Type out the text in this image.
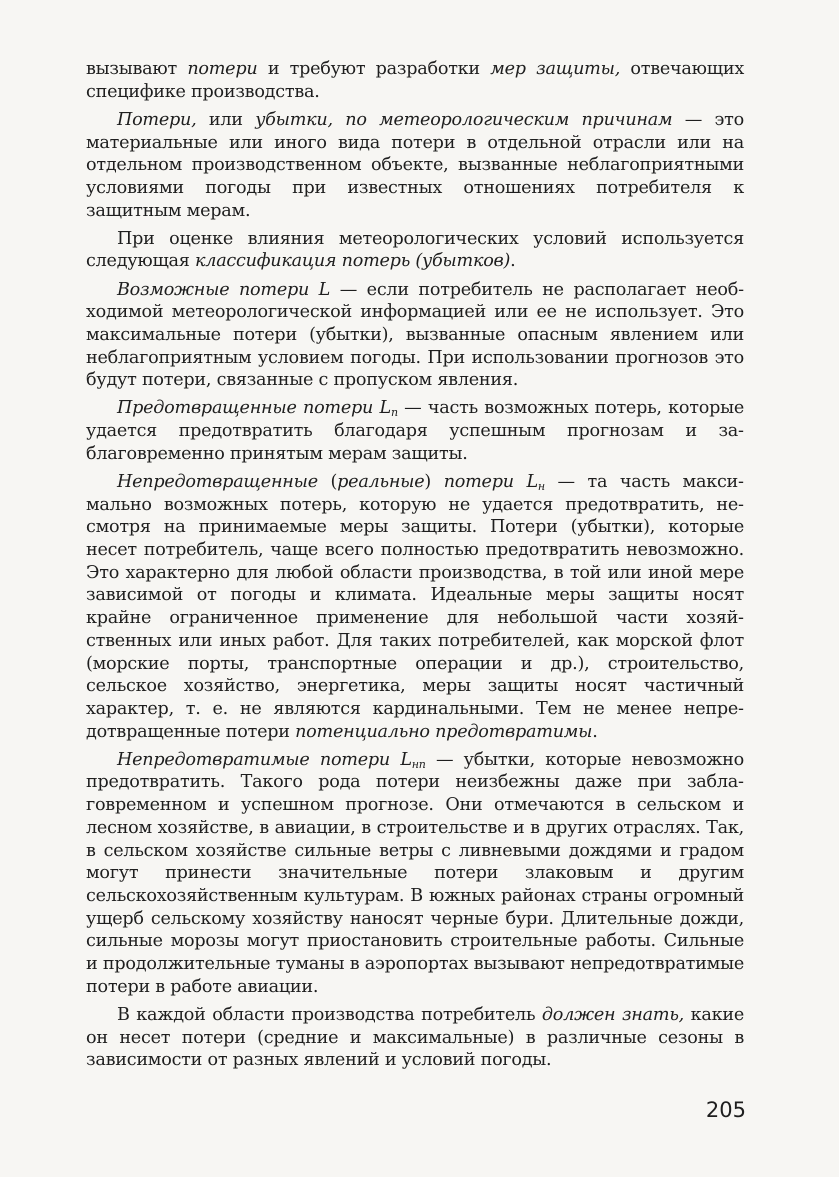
вызывают потери и требуют разработки мер защиты, отвечающих специфике производства.

Потери, или убытки, по метеорологическим причинам — это материальные или иного вида потери в отдельной отрасли или на отдельном производственном объекте, вызванные неблагоприятными условиями погоды при известных отношениях потребителя к защитным мерам.

При оценке влияния метеорологических условий используется следующая классификация потерь (убытков).

Возможные потери L — если потребитель не располагает необходимой метеорологической информацией или ее не использует. Это максимальные потери (убытки), вызванные опасным явлением или неблагоприятным условием погоды. При использовании прогнозов это будут потери, связанные с пропуском явления.

Предотвращенные потери $L_п$ — часть возможных потерь, которые удается предотвратить благодаря успешным прогнозам и заблаговременно принятым мерам защиты.

Непредотвращенные (реальные) потери $L_н$ — та часть максимально возможных потерь, которую не удается предотвратить, несмотря на принимаемые меры защиты. Потери (убытки), которые несет потребитель, чаще всего полностью предотвратить невозможно. Это характерно для любой области производства, в той или иной мере зависимой от погоды и климата. Идеальные меры защиты носят крайне ограниченное применение для небольшой части хозяйственных или иных работ. Для таких потребителей, как морской флот (морские порты, транспортные операции и др.), строительство, сельское хозяйство, энергетика, меры защиты носят частичный характер, т. е. не являются кардинальными. Тем не менее непредотвращенные потери потенциально предотвратимы.

Непредотвратимые потери $L_{нп}$ — убытки, которые невозможно предотвратить. Такого рода потери неизбежны даже при заблаговременном и успешном прогнозе. Они отмечаются в сельском и лесном хозяйстве, в авиации, в строительстве и в других отраслях. Так, в сельском хозяйстве сильные ветры с ливневыми дождями и градом могут принести значительные потери злаковым и другим сельскохозяйственным культурам. В южных районах страны огромный ущерб сельскому хозяйству наносят черные бури. Длительные дожди, сильные морозы могут приостановить строительные работы. Сильные и продолжительные туманы в аэропортах вызывают непредотвратимые потери в работе авиации.

В каждой области производства потребитель должен знать, какие он несет потери (средние и максимальные) в различные сезоны в зависимости от разных явлений и условий погоды.

205
